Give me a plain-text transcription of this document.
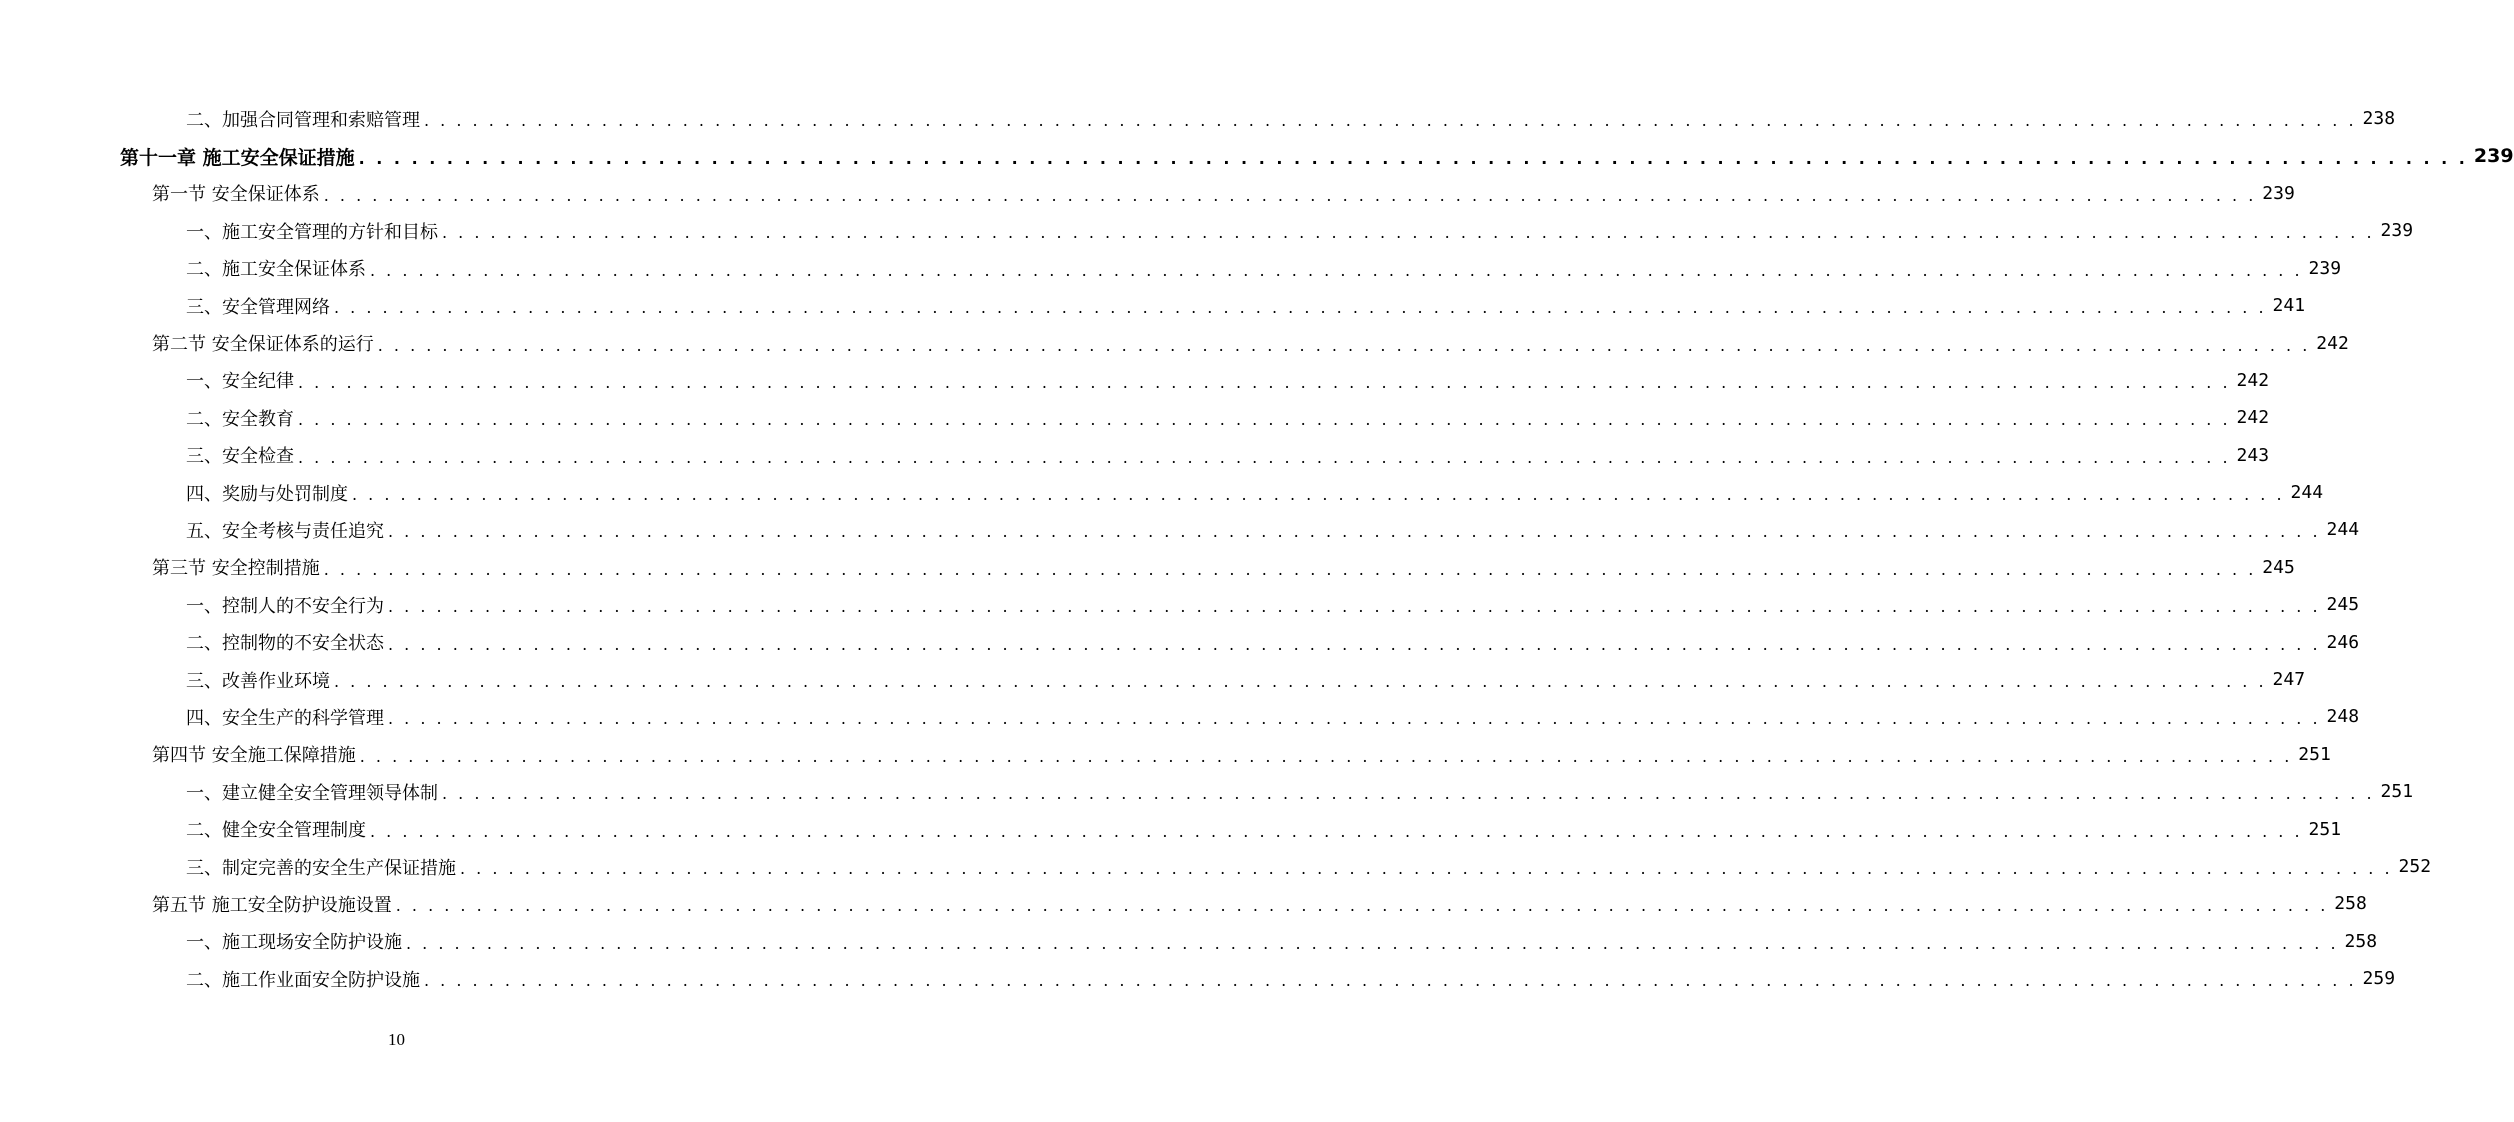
二、加强合同管理和索赔管理 . . . . . . . . . . . . . . . . . . . . . . . . . . . . . . . . . . . . . . . . . . . . . . . . . . . . . . . . . . . . . . . . . . . . . . . . . . . . . . . . . . . . . . . . . . . . . . . . . . . . . . . . . . . . . . . . . . . . . . . . 238
第十一章 施工安全保证措施 . . . . . . . . . . . . . . . . . . . . . . . . . . . . . . . . . . . . . . . . . . . . . . . . . . . . . . . . . . . . . . . . . . . . . . . . . . . . . . . . . . . . . . . . . . . . . . . . . . . . . . . . . . . . . . . . . . . . . . . . 239
第一节 安全保证体系 . . . . . . . . . . . . . . . . . . . . . . . . . . . . . . . . . . . . . . . . . . . . . . . . . . . . . . . . . . . . . . . . . . . . . . . . . . . . . . . . . . . . . . . . . . . . . . . . . . . . . . . . . . . . . . . . . . . . . . . . 239
一、施工安全管理的方针和目标 . . . . . . . . . . . . . . . . . . . . . . . . . . . . . . . . . . . . . . . . . . . . . . . . . . . . . . . . . . . . . . . . . . . . . . . . . . . . . . . . . . . . . . . . . . . . . . . . . . . . . . . . . . . . . . . . . . . . . . . . 239
二、施工安全保证体系 . . . . . . . . . . . . . . . . . . . . . . . . . . . . . . . . . . . . . . . . . . . . . . . . . . . . . . . . . . . . . . . . . . . . . . . . . . . . . . . . . . . . . . . . . . . . . . . . . . . . . . . . . . . . . . . . . . . . . . . . 239
三、安全管理网络 . . . . . . . . . . . . . . . . . . . . . . . . . . . . . . . . . . . . . . . . . . . . . . . . . . . . . . . . . . . . . . . . . . . . . . . . . . . . . . . . . . . . . . . . . . . . . . . . . . . . . . . . . . . . . . . . . . . . . . . . 241
第二节 安全保证体系的运行 . . . . . . . . . . . . . . . . . . . . . . . . . . . . . . . . . . . . . . . . . . . . . . . . . . . . . . . . . . . . . . . . . . . . . . . . . . . . . . . . . . . . . . . . . . . . . . . . . . . . . . . . . . . . . . . . . . . . . . . . 242
一、安全纪律 . . . . . . . . . . . . . . . . . . . . . . . . . . . . . . . . . . . . . . . . . . . . . . . . . . . . . . . . . . . . . . . . . . . . . . . . . . . . . . . . . . . . . . . . . . . . . . . . . . . . . . . . . . . . . . . . . . . . . . . . 242
二、安全教育 . . . . . . . . . . . . . . . . . . . . . . . . . . . . . . . . . . . . . . . . . . . . . . . . . . . . . . . . . . . . . . . . . . . . . . . . . . . . . . . . . . . . . . . . . . . . . . . . . . . . . . . . . . . . . . . . . . . . . . . . 242
三、安全检查 . . . . . . . . . . . . . . . . . . . . . . . . . . . . . . . . . . . . . . . . . . . . . . . . . . . . . . . . . . . . . . . . . . . . . . . . . . . . . . . . . . . . . . . . . . . . . . . . . . . . . . . . . . . . . . . . . . . . . . . . 243
四、奖励与处罚制度 . . . . . . . . . . . . . . . . . . . . . . . . . . . . . . . . . . . . . . . . . . . . . . . . . . . . . . . . . . . . . . . . . . . . . . . . . . . . . . . . . . . . . . . . . . . . . . . . . . . . . . . . . . . . . . . . . . . . . . . . 244
五、安全考核与责任追究 . . . . . . . . . . . . . . . . . . . . . . . . . . . . . . . . . . . . . . . . . . . . . . . . . . . . . . . . . . . . . . . . . . . . . . . . . . . . . . . . . . . . . . . . . . . . . . . . . . . . . . . . . . . . . . . . . . . . . . . . 244
第三节 安全控制措施 . . . . . . . . . . . . . . . . . . . . . . . . . . . . . . . . . . . . . . . . . . . . . . . . . . . . . . . . . . . . . . . . . . . . . . . . . . . . . . . . . . . . . . . . . . . . . . . . . . . . . . . . . . . . . . . . . . . . . . . . 245
一、控制人的不安全行为 . . . . . . . . . . . . . . . . . . . . . . . . . . . . . . . . . . . . . . . . . . . . . . . . . . . . . . . . . . . . . . . . . . . . . . . . . . . . . . . . . . . . . . . . . . . . . . . . . . . . . . . . . . . . . . . . . . . . . . . . 245
二、控制物的不安全状态 . . . . . . . . . . . . . . . . . . . . . . . . . . . . . . . . . . . . . . . . . . . . . . . . . . . . . . . . . . . . . . . . . . . . . . . . . . . . . . . . . . . . . . . . . . . . . . . . . . . . . . . . . . . . . . . . . . . . . . . . 246
三、改善作业环境 . . . . . . . . . . . . . . . . . . . . . . . . . . . . . . . . . . . . . . . . . . . . . . . . . . . . . . . . . . . . . . . . . . . . . . . . . . . . . . . . . . . . . . . . . . . . . . . . . . . . . . . . . . . . . . . . . . . . . . . . 247
四、安全生产的科学管理 . . . . . . . . . . . . . . . . . . . . . . . . . . . . . . . . . . . . . . . . . . . . . . . . . . . . . . . . . . . . . . . . . . . . . . . . . . . . . . . . . . . . . . . . . . . . . . . . . . . . . . . . . . . . . . . . . . . . . . . . 248
第四节 安全施工保障措施 . . . . . . . . . . . . . . . . . . . . . . . . . . . . . . . . . . . . . . . . . . . . . . . . . . . . . . . . . . . . . . . . . . . . . . . . . . . . . . . . . . . . . . . . . . . . . . . . . . . . . . . . . . . . . . . . . . . . . . . . 251
一、建立健全安全管理领导体制 . . . . . . . . . . . . . . . . . . . . . . . . . . . . . . . . . . . . . . . . . . . . . . . . . . . . . . . . . . . . . . . . . . . . . . . . . . . . . . . . . . . . . . . . . . . . . . . . . . . . . . . . . . . . . . . . . . . . . . . . 251
二、健全安全管理制度 . . . . . . . . . . . . . . . . . . . . . . . . . . . . . . . . . . . . . . . . . . . . . . . . . . . . . . . . . . . . . . . . . . . . . . . . . . . . . . . . . . . . . . . . . . . . . . . . . . . . . . . . . . . . . . . . . . . . . . . . 251
三、制定完善的安全生产保证措施 . . . . . . . . . . . . . . . . . . . . . . . . . . . . . . . . . . . . . . . . . . . . . . . . . . . . . . . . . . . . . . . . . . . . . . . . . . . . . . . . . . . . . . . . . . . . . . . . . . . . . . . . . . . . . . . . . . . . . . . . 252
第五节 施工安全防护设施设置 . . . . . . . . . . . . . . . . . . . . . . . . . . . . . . . . . . . . . . . . . . . . . . . . . . . . . . . . . . . . . . . . . . . . . . . . . . . . . . . . . . . . . . . . . . . . . . . . . . . . . . . . . . . . . . . . . . . . . . . . 258
一、施工现场安全防护设施 . . . . . . . . . . . . . . . . . . . . . . . . . . . . . . . . . . . . . . . . . . . . . . . . . . . . . . . . . . . . . . . . . . . . . . . . . . . . . . . . . . . . . . . . . . . . . . . . . . . . . . . . . . . . . . . . . . . . . . . . 258
二、施工作业面安全防护设施 . . . . . . . . . . . . . . . . . . . . . . . . . . . . . . . . . . . . . . . . . . . . . . . . . . . . . . . . . . . . . . . . . . . . . . . . . . . . . . . . . . . . . . . . . . . . . . . . . . . . . . . . . . . . . . . . . . . . . . . . 259
10
